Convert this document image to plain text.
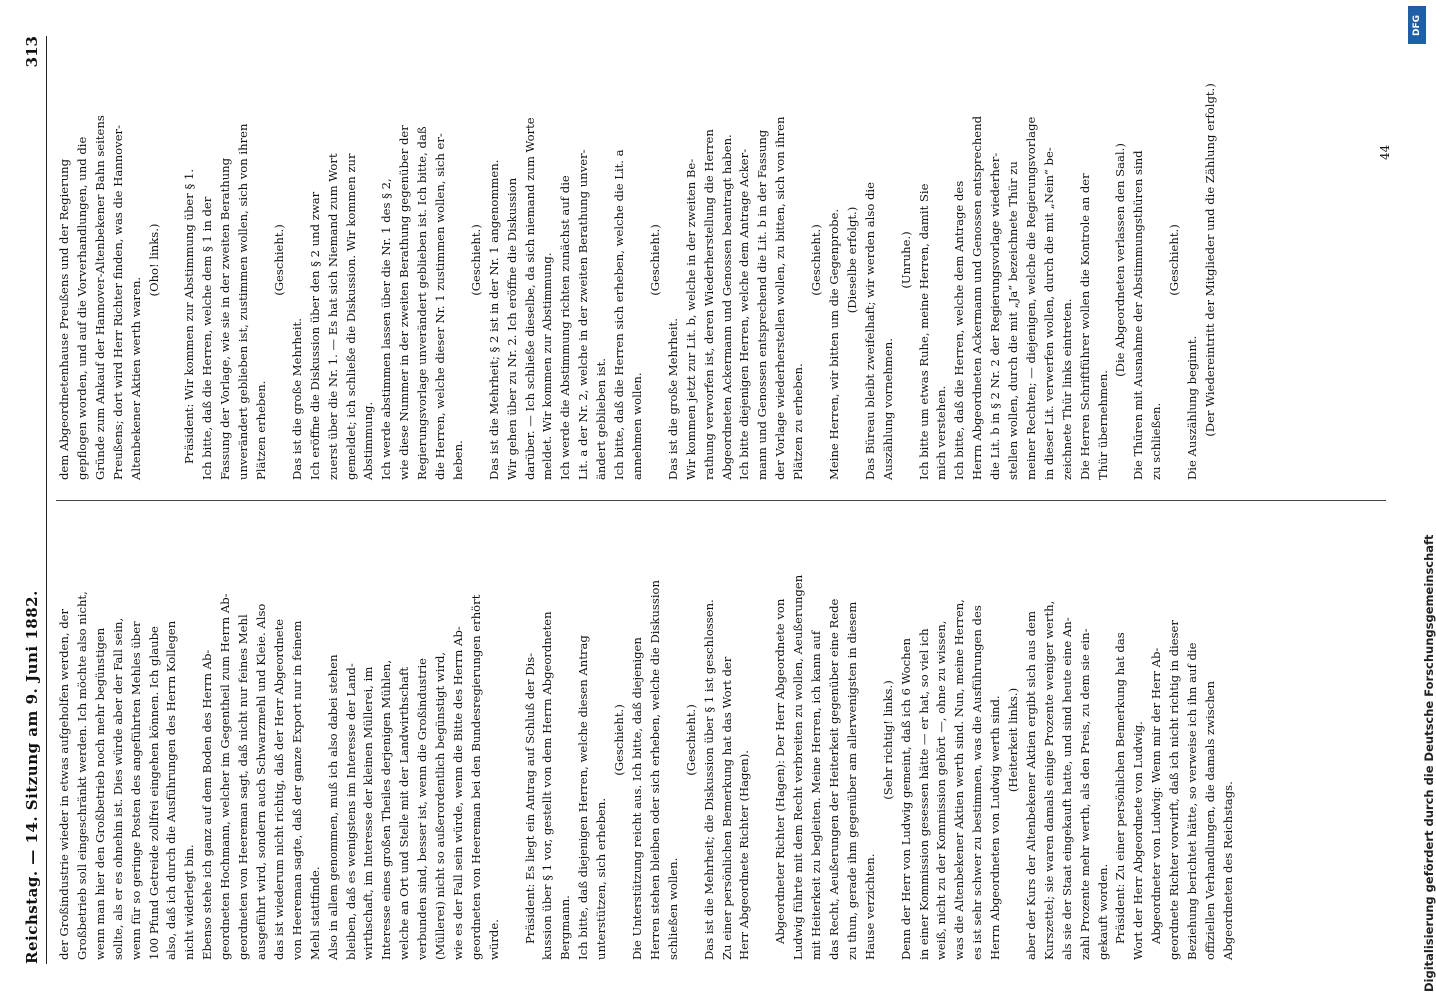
Reichstag. — 14. Sitzung am 9. Juni 1882.
313
der Großindustrie wieder in etwas aufgeholfen werden, der Großbetrieb soll eingeschränkt werden. Ich möchte also nicht, wenn man hier den Großbetrieb noch mehr begünstigen sollte, als er es ohnehin ist. Dies würde aber der Fall sein, wenn für so geringe Posten des angeführten Mehles über 100 Pfund Getreide zollfrei eingehen können. Ich glaube also, daß ich durch die Ausführungen des Herrn Kollegen nicht widerlegt bin. Ebenso stehe ich ganz auf dem Boden des Herrn Ab- geordneten Hochmann, welcher im Gegentheil zum Herrn Ab- geordneten von Heereman sagt, daß nicht nur feines Mehl ausgeführt wird, sondern auch Schwarzmehl und Kleie. Also das ist wiederum nicht richtig, daß der Herr Abgeordnete von Heereman sagte, daß der ganze Export nur in feinem Mehl stattfinde. Also in allem genommen, muß ich also dabei stehen bleiben, daß es wenigstens im Interesse der Land- wirthschaft, im Interesse der kleinen Müllerei, im Interesse eines großen Theiles derjenigen Mühlen, welche an Ort und Stelle mit der Landwirthschaft verbunden sind, besser ist, wenn die Großindustrie (Müllerei) nicht so außerordentlich begünstigt wird, wie es der Fall sein würde, wenn die Bitte des Herrn Ab- geordneten von Heereman bei den Bundesregierungen erhört würde.
Präsident: Es liegt ein Antrag auf Schluß der Dis- kussion über § 1 vor, gestellt von dem Herrn Abgeordneten Bergmann. Ich bitte, daß diejenigen Herren, welche diesen Antrag unterstützen, sich erheben.
(Geschieht.) Die Unterstützung reicht aus. Ich bitte, daß diejenigen Herren stehen bleiben oder sich erheben, welche die Diskussion schließen wollen.
(Geschieht.) Das ist die Mehrheit; die Diskussion über § 1 ist geschlossen. Zu einer persönlichen Bemerkung hat das Wort der Herr Abgeordnete Richter (Hagen).
Abgeordneter Richter (Hagen): Der Herr Abgeordnete von Ludwig führte mit dem Recht verbreiten zu wollen, Aeußerungen mit Heiterkeit zu begleiten. Meine Herren, ich kann auf das Recht, Aeußerungen der Heiterkeit gegenüber eine Rede zu thun, gerade ihm gegenüber am allerwenigsten in diesem Hause verzichten.
(Sehr richtig! links.) Denn der Herr von Ludwig gemeint, daß ich 6 Wochen in einer Kommission gesessen hätte — er hat, so viel ich weiß, nicht zu der Kommission gehört —, ohne zu wissen, was die Altenbekener Aktien werth sind. Nun, meine Herren, es ist sehr schwer zu bestimmen, was die Ausführungen des Herrn Abgeordneten von Ludwig werth sind. (Heiterkeit links.) aber der Kurs der Altenbekener Aktien ergibt sich aus dem Kurszettel; sie waren damals einige Prozente weniger werth, als sie der Staat eingekauft hatte, und sind heute eine An- zahl Prozente mehr werth, als den Preis, zu dem sie ein- gekauft worden. Präsident: Zu einer persönlichen Bemerkung hat das Wort der Herr Abgeordnete von Ludwig. Abgeordneter von Ludwig: Wenn mir der Herr Ab- geordnete Richter vorwirft, daß ich nicht richtig in dieser Beziehung berichtet hätte, so verweise ich ihn auf die offiziellen Verhandlungen, die damals zwischen Abgeordneten des Reichstags.
dem Abgeordnetenhause Preußens und der Regierung gepflogen worden, und auf die Vorverhandlungen, und die Gründe zum Ankauf der Hannover-Altenbekener Bahn seitens Preußens; dort wird Herr Richter finden, was die Hannover- Altenbekener Aktien werth waren.
(Oho! links.)
Präsident: Wir kommen zur Abstimmung über § 1. Ich bitte, daß die Herren, welche dem § 1 in der Fassung der Vorlage, wie sie in der zweiten Berathung unverändert geblieben ist, zustimmen wollen, sich von ihren Plätzen erheben.
(Geschieht.)
Das ist die große Mehrheit. Ich eröffne die Diskussion über den § 2 und zwar zuerst über die Nr. 1. — Es hat sich Niemand zum Wort gemeldet; ich schließe die Diskussion. Wir kommen zur Abstimmung. Ich werde abstimmen lassen über die Nr. 1 des § 2, wie diese Nummer in der zweiten Berathung gegenüber der Regierungsvorlage unverändert geblieben ist. Ich bitte, daß die Herren, welche dieser Nr. 1 zustimmen wollen, sich er- heben.
(Geschieht.) Das ist die Mehrheit; § 2 ist in der Nr. 1 angenommen. Wir gehen über zu Nr. 2. Ich eröffne die Diskussion darüber. — Ich schließe dieselbe, da sich niemand zum Worte meldet. Wir kommen zur Abstimmung. Ich werde die Abstimmung richten zunächst auf die Lit. a der Nr. 2, welche in der zweiten Berathung unver- ändert geblieben ist. Ich bitte, daß die Herren sich erheben, welche die Lit. a annehmen wollen.
(Geschieht.)
Das ist die große Mehrheit. Wir kommen jetzt zur Lit. b, welche in der zweiten Be- rathung verworfen ist, deren Wiederherstellung die Herren Abgeordneten Ackermann und Genossen beantragt haben. Ich bitte diejenigen Herren, welche dem Antrage Acker- mann und Genossen entsprechend die Lit. b in der Fassung der Vorlage wiederherstellen wollen, zu bitten, sich von ihren Plätzen zu erheben.
(Geschieht.) Meine Herren, wir bitten um die Gegenprobe. (Dieselbe erfolgt.) Das Büreau bleibt zweifelhaft; wir werden also die Auszählung vornehmen.
(Unruhe.) Ich bitte um etwas Ruhe, meine Herren, damit Sie mich verstehen. Ich bitte, daß die Herren, welche dem Antrage des Herrn Abgeordneten Ackermann und Genossen entsprechend die Lit. b in § 2 Nr. 2 der Regierungsvorlage wiederher- stellen wollen, durch die mit „Ja“ bezeichnete Thür zu meiner Rechten; — diejenigen, welche die Regierungsvorlage in dieser Lit. verwerfen wollen, durch die mit „Nein“ be- zeichnete Thür links eintreten. Die Herren Schriftführer wollen die Kontrole an der Thür übernehmen.
(Die Abgeordneten verlassen den Saal.) Die Thüren mit Ausnahme der Abstimmungsthüren sind zu schließen.
(Geschieht.)
Die Auszählung beginnt. (Der Wiedereintritt der Mitglieder und die Zählung erfolgt.)	44
Digitalisierung gefördert durch die Deutsche Forschungsgemeinschaft
DFG
